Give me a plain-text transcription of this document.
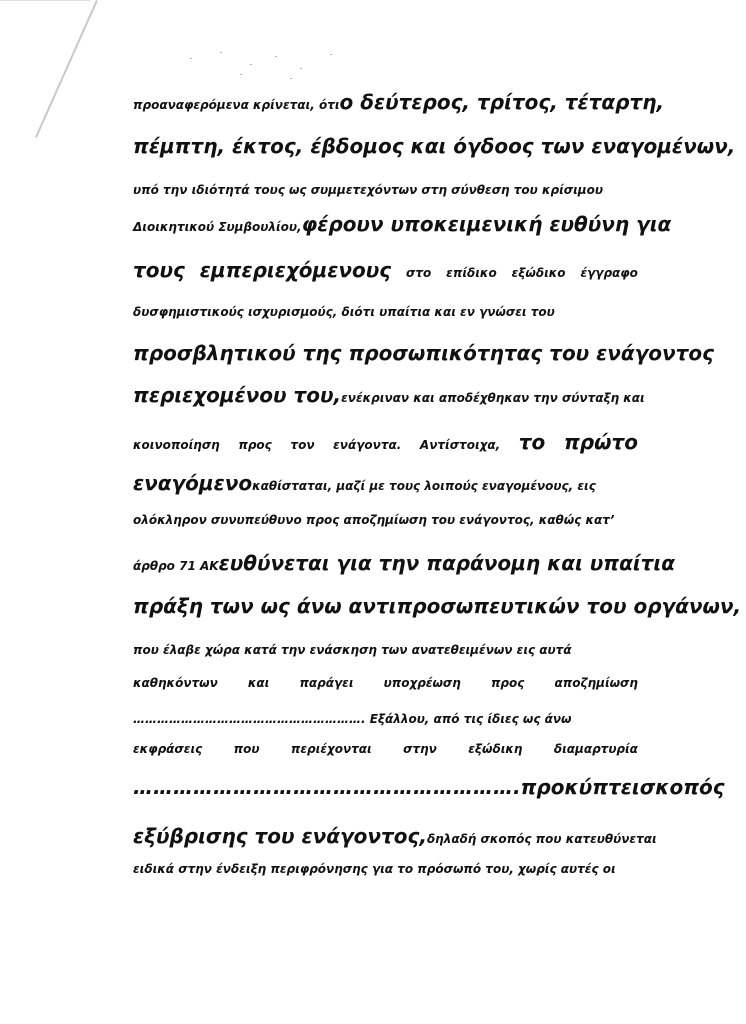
προαναφερόμενα κρίνεται, ότι ο δεύτερος, τρίτος, τέταρτη,
πέμπτη, έκτος, έβδομος και όγδοος των εναγομένων,
υπό την ιδιότητά τους ως συμμετεχόντων στη σύνθεση του κρίσιμου
Διοικητικού Συμβουλίου, φέρουν υποκειμενική ευθύνη για
τους εμπεριεχόμενους στο επίδικο εξώδικο έγγραφο
δυσφημιστικούς ισχυρισμούς, διότι υπαίτια και εν γνώσει του
προσβλητικού της προσωπικότητας του ενάγοντος
περιεχομένου του, ενέκριναν και αποδέχθηκαν την σύνταξη και
κοινοποίηση προς τον ενάγοντα. Αντίστοιχα, το πρώτο
εναγόμενο καθίσταται, μαζί με τους λοιπούς εναγομένους, εις
ολόκληρον συνυπεύθυνο προς αποζημίωση του ενάγοντος, καθώς κατ’
άρθρο 71 ΑΚ ευθύνεται για την παράνομη και υπαίτια
πράξη των ως άνω αντιπροσωπευτικών του οργάνων,
που έλαβε χώρα κατά την ενάσκηση των ανατεθειμένων εις αυτά
καθηκόντων	και	παράγει	υποχρέωση	προς	αποζημίωση
…………………………………………………. Εξάλλου, από τις ίδιες ως άνω
εκφράσεις	που	περιέχονται	στην	εξώδικη	διαμαρτυρία
………………………………………………….προκύπτει σκοπός
εξύβρισης του ενάγοντος, δηλαδή σκοπός που κατευθύνεται
ειδικά στην ένδειξη περιφρόνησης για το πρόσωπό του, χωρίς αυτές οι
